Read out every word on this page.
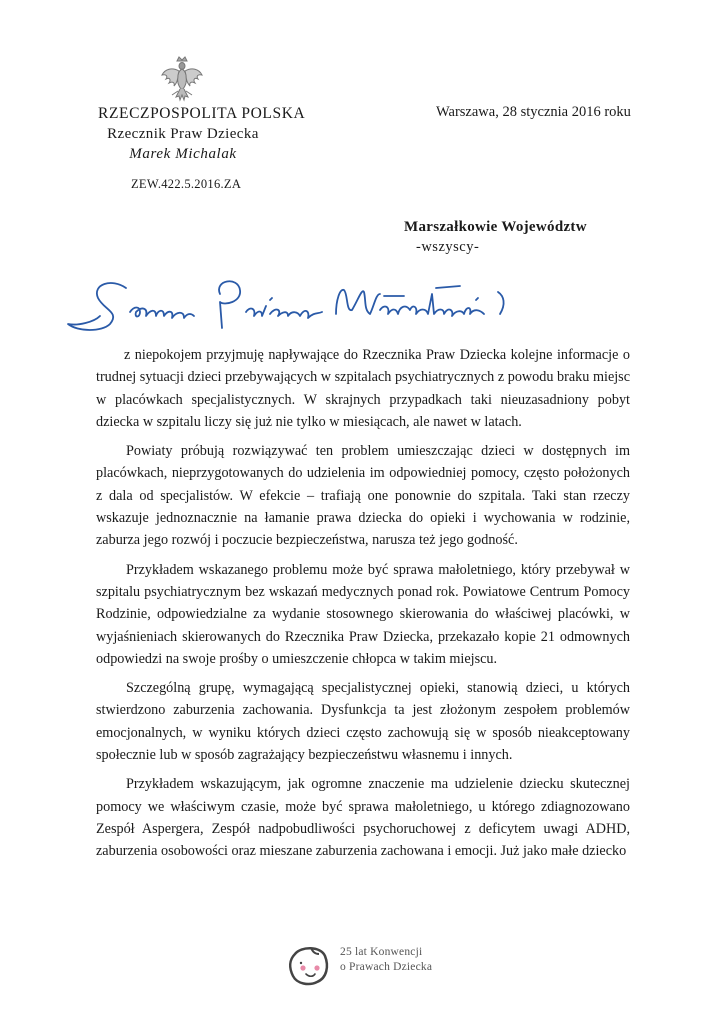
RZECZPOSPOLITA POLSKA
Rzecznik Praw Dziecka
Marek Michalak
ZEW.422.5.2016.ZA
Warszawa, 28 stycznia 2016 roku
Marszałkowie Województw
-wszyscy-

z niepokojem przyjmuję napływające do Rzecznika Praw Dziecka kolejne informacje o trudnej sytuacji dzieci przebywających w szpitalach psychiatrycznych z powodu braku miejsc w placówkach specjalistycznych. W skrajnych przypadkach taki nieuzasadniony pobyt dziecka w szpitalu liczy się już nie tylko w miesiącach, ale nawet w latach.

Powiaty próbują rozwiązywać ten problem umieszczając dzieci w dostępnych im placówkach, nieprzygotowanych do udzielenia im odpowiedniej pomocy, często położonych z dala od specjalistów. W efekcie – trafiają one ponownie do szpitala. Taki stan rzeczy wskazuje jednoznacznie na łamanie prawa dziecka do opieki i wychowania w rodzinie, zaburza jego rozwój i poczucie bezpieczeństwa, narusza też jego godność.

Przykładem wskazanego problemu może być sprawa małoletniego, który przebywał w szpitalu psychiatrycznym bez wskazań medycznych ponad rok. Powiatowe Centrum Pomocy Rodzinie, odpowiedzialne za wydanie stosownego skierowania do właściwej placówki, w wyjaśnieniach skierowanych do Rzecznika Praw Dziecka, przekazało kopie 21 odmownych odpowiedzi na swoje prośby o umieszczenie chłopca w takim miejscu.

Szczególną grupę, wymagającą specjalistycznej opieki, stanowią dzieci, u których stwierdzono zaburzenia zachowania. Dysfunkcja ta jest złożonym zespołem problemów emocjonalnych, w wyniku których dzieci często zachowują się w sposób nieakceptowany społecznie lub w sposób zagrażający bezpieczeństwu własnemu i innych.

Przykładem wskazującym, jak ogromne znaczenie ma udzielenie dziecku skutecznej pomocy we właściwym czasie, może być sprawa małoletniego, u którego zdiagnozowano Zespół Aspergera, Zespół nadpobudliwości psychoruchowej z deficytem uwagi ADHD, zaburzenia osobowości oraz mieszane zaburzenia zachowana i emocji. Już jako małe dziecko

25 lat Konwencji
o Prawach Dziecka
